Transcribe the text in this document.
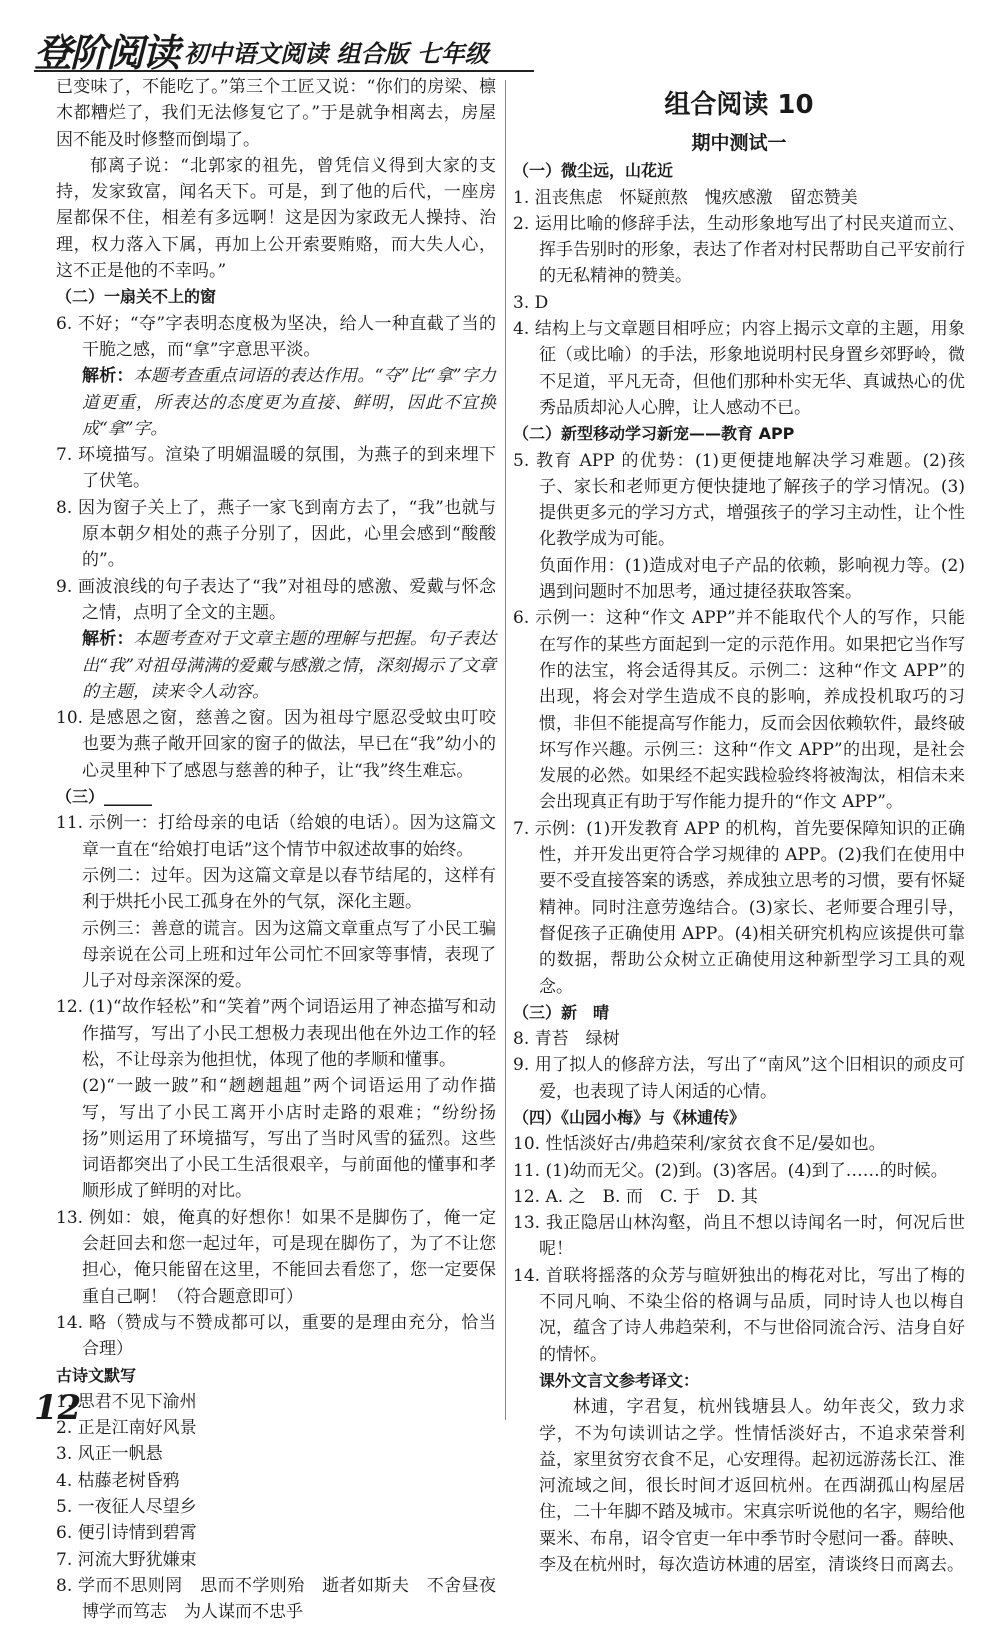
登阶阅读 初中语文阅读 组合版 七年级

已变味了，不能吃了。”第三个工匠又说：“你们的房梁、檩木都糟烂了，我们无法修复它了。”于是就争相离去，房屋因不能及时修整而倒塌了。

郁离子说：“北郭家的祖先，曾凭信义得到大家的支持，发家致富，闻名天下。可是，到了他的后代，一座房屋都保不住，相差有多远啊！这是因为家政无人操持、治理，权力落入下属，再加上公开索要贿赂，而大失人心，这不正是他的不幸吗。”

（二）一扇关不上的窗

6. 不好；“夺”字表明态度极为坚决，给人一种直截了当的干脆之感，而“拿”字意思平淡。

解析：本题考查重点词语的表达作用。“夺”比“拿”字力道更重，所表达的态度更为直接、鲜明，因此不宜换成“拿”字。

7. 环境描写。渲染了明媚温暖的氛围，为燕子的到来埋下了伏笔。

8. 因为窗子关上了，燕子一家飞到南方去了，“我”也就与原本朝夕相处的燕子分别了，因此，心里会感到“酸酸的”。

9. 画波浪线的句子表达了“我”对祖母的感激、爱戴与怀念之情，点明了全文的主题。

解析：本题考查对于文章主题的理解与把握。句子表达出“我”对祖母满满的爱戴与感激之情，深刻揭示了文章的主题，读来令人动容。

10. 是感恩之窗，慈善之窗。因为祖母宁愿忍受蚊虫叮咬也要为燕子敞开回家的窗子的做法，早已在“我”幼小的心灵里种下了感恩与慈善的种子，让“我”终生难忘。

（三）______

11. 示例一：打给母亲的电话（给娘的电话）。因为这篇文章一直在“给娘打电话”这个情节中叙述故事的始终。

示例二：过年。因为这篇文章是以春节结尾的，这样有利于烘托小民工孤身在外的气氛，深化主题。

示例三：善意的谎言。因为这篇文章重点写了小民工骗母亲说在公司上班和过年公司忙不回家等事情，表现了儿子对母亲深深的爱。

12. (1)“故作轻松”和“笑着”两个词语运用了神态描写和动作描写，写出了小民工想极力表现出他在外边工作的轻松，不让母亲为他担忧，体现了他的孝顺和懂事。

(2)“一跛一跛”和“趔趔趄趄”两个词语运用了动作描写，写出了小民工离开小店时走路的艰难；“纷纷扬扬”则运用了环境描写，写出了当时风雪的猛烈。这些词语都突出了小民工生活很艰辛，与前面他的懂事和孝顺形成了鲜明的对比。

13. 例如：娘，俺真的好想你！如果不是脚伤了，俺一定会赶回去和您一起过年，可是现在脚伤了，为了不让您担心，俺只能留在这里，不能回去看您了，您一定要保重自己啊！（符合题意即可）

14. 略（赞成与不赞成都可以，重要的是理由充分，恰当合理）

古诗文默写

1. 思君不见下渝州

2. 正是江南好风景

3. 风正一帆悬

4. 枯藤老树昏鸦

5. 一夜征人尽望乡

6. 便引诗情到碧霄

7. 河流大野犹嫌束

8. 学而不思则罔　思而不学则殆　逝者如斯夫　不舍昼夜　博学而笃志　为人谋而不忠乎

组合阅读 10
期中测试一

（一）微尘远，山花近

1. 沮丧焦虑　怀疑煎熬　愧疚感激　留恋赞美

2. 运用比喻的修辞手法，生动形象地写出了村民夹道而立、挥手告别时的形象，表达了作者对村民帮助自己平安前行的无私精神的赞美。

3. D

4. 结构上与文章题目相呼应；内容上揭示文章的主题，用象征（或比喻）的手法，形象地说明村民身置乡郊野岭，微不足道，平凡无奇，但他们那种朴实无华、真诚热心的优秀品质却沁人心脾，让人感动不已。

（二）新型移动学习新宠——教育 APP

5. 教育 APP 的优势：(1)更便捷地解决学习难题。(2)孩子、家长和老师更方便快捷地了解孩子的学习情况。(3)提供更多元的学习方式，增强孩子的学习主动性，让个性化教学成为可能。

负面作用：(1)造成对电子产品的依赖，影响视力等。(2)遇到问题时不加思考，通过捷径获取答案。

6. 示例一：这种“作文 APP”并不能取代个人的写作，只能在写作的某些方面起到一定的示范作用。如果把它当作写作的法宝，将会适得其反。示例二：这种“作文 APP”的出现，将会对学生造成不良的影响，养成投机取巧的习惯，非但不能提高写作能力，反而会因依赖软件，最终破坏写作兴趣。示例三：这种“作文 APP”的出现，是社会发展的必然。如果经不起实践检验终将被淘汰，相信未来会出现真正有助于写作能力提升的“作文 APP”。

7. 示例：(1)开发教育 APP 的机构，首先要保障知识的正确性，并开发出更符合学习规律的 APP。(2)我们在使用中要不受直接答案的诱惑，养成独立思考的习惯，要有怀疑精神。同时注意劳逸结合。(3)家长、老师要合理引导，督促孩子正确使用 APP。(4)相关研究机构应该提供可靠的数据，帮助公众树立正确使用这种新型学习工具的观念。

（三）新　晴

8. 青苔　绿树

9. 用了拟人的修辞方法，写出了“南风”这个旧相识的顽皮可爱，也表现了诗人闲适的心情。

（四）《山园小梅》与《林逋传》

10. 性恬淡好古/弗趋荣利/家贫衣食不足/晏如也。

11. (1)幼而无父。(2)到。(3)客居。(4)到了……的时候。

12. A. 之　B. 而　C. 于　D. 其

13. 我正隐居山林沟壑，尚且不想以诗闻名一时，何况后世呢！

14. 首联将摇落的众芳与暄妍独出的梅花对比，写出了梅的不同凡响、不染尘俗的格调与品质，同时诗人也以梅自况，蕴含了诗人弗趋荣利，不与世俗同流合污、洁身自好的情怀。

课外文言文参考译文：

林逋，字君复，杭州钱塘县人。幼年丧父，致力求学，不为句读训诂之学。性情恬淡好古，不追求荣誉利益，家里贫穷衣食不足，心安理得。起初远游荡长江、淮河流域之间，很长时间才返回杭州。在西湖孤山构屋居住，二十年脚不踏及城市。宋真宗听说他的名字，赐给他粟米、布帛，诏令官吏一年中季节时令慰问一番。薛映、李及在杭州时，每次造访林逋的居室，清谈终日而离去。

12
